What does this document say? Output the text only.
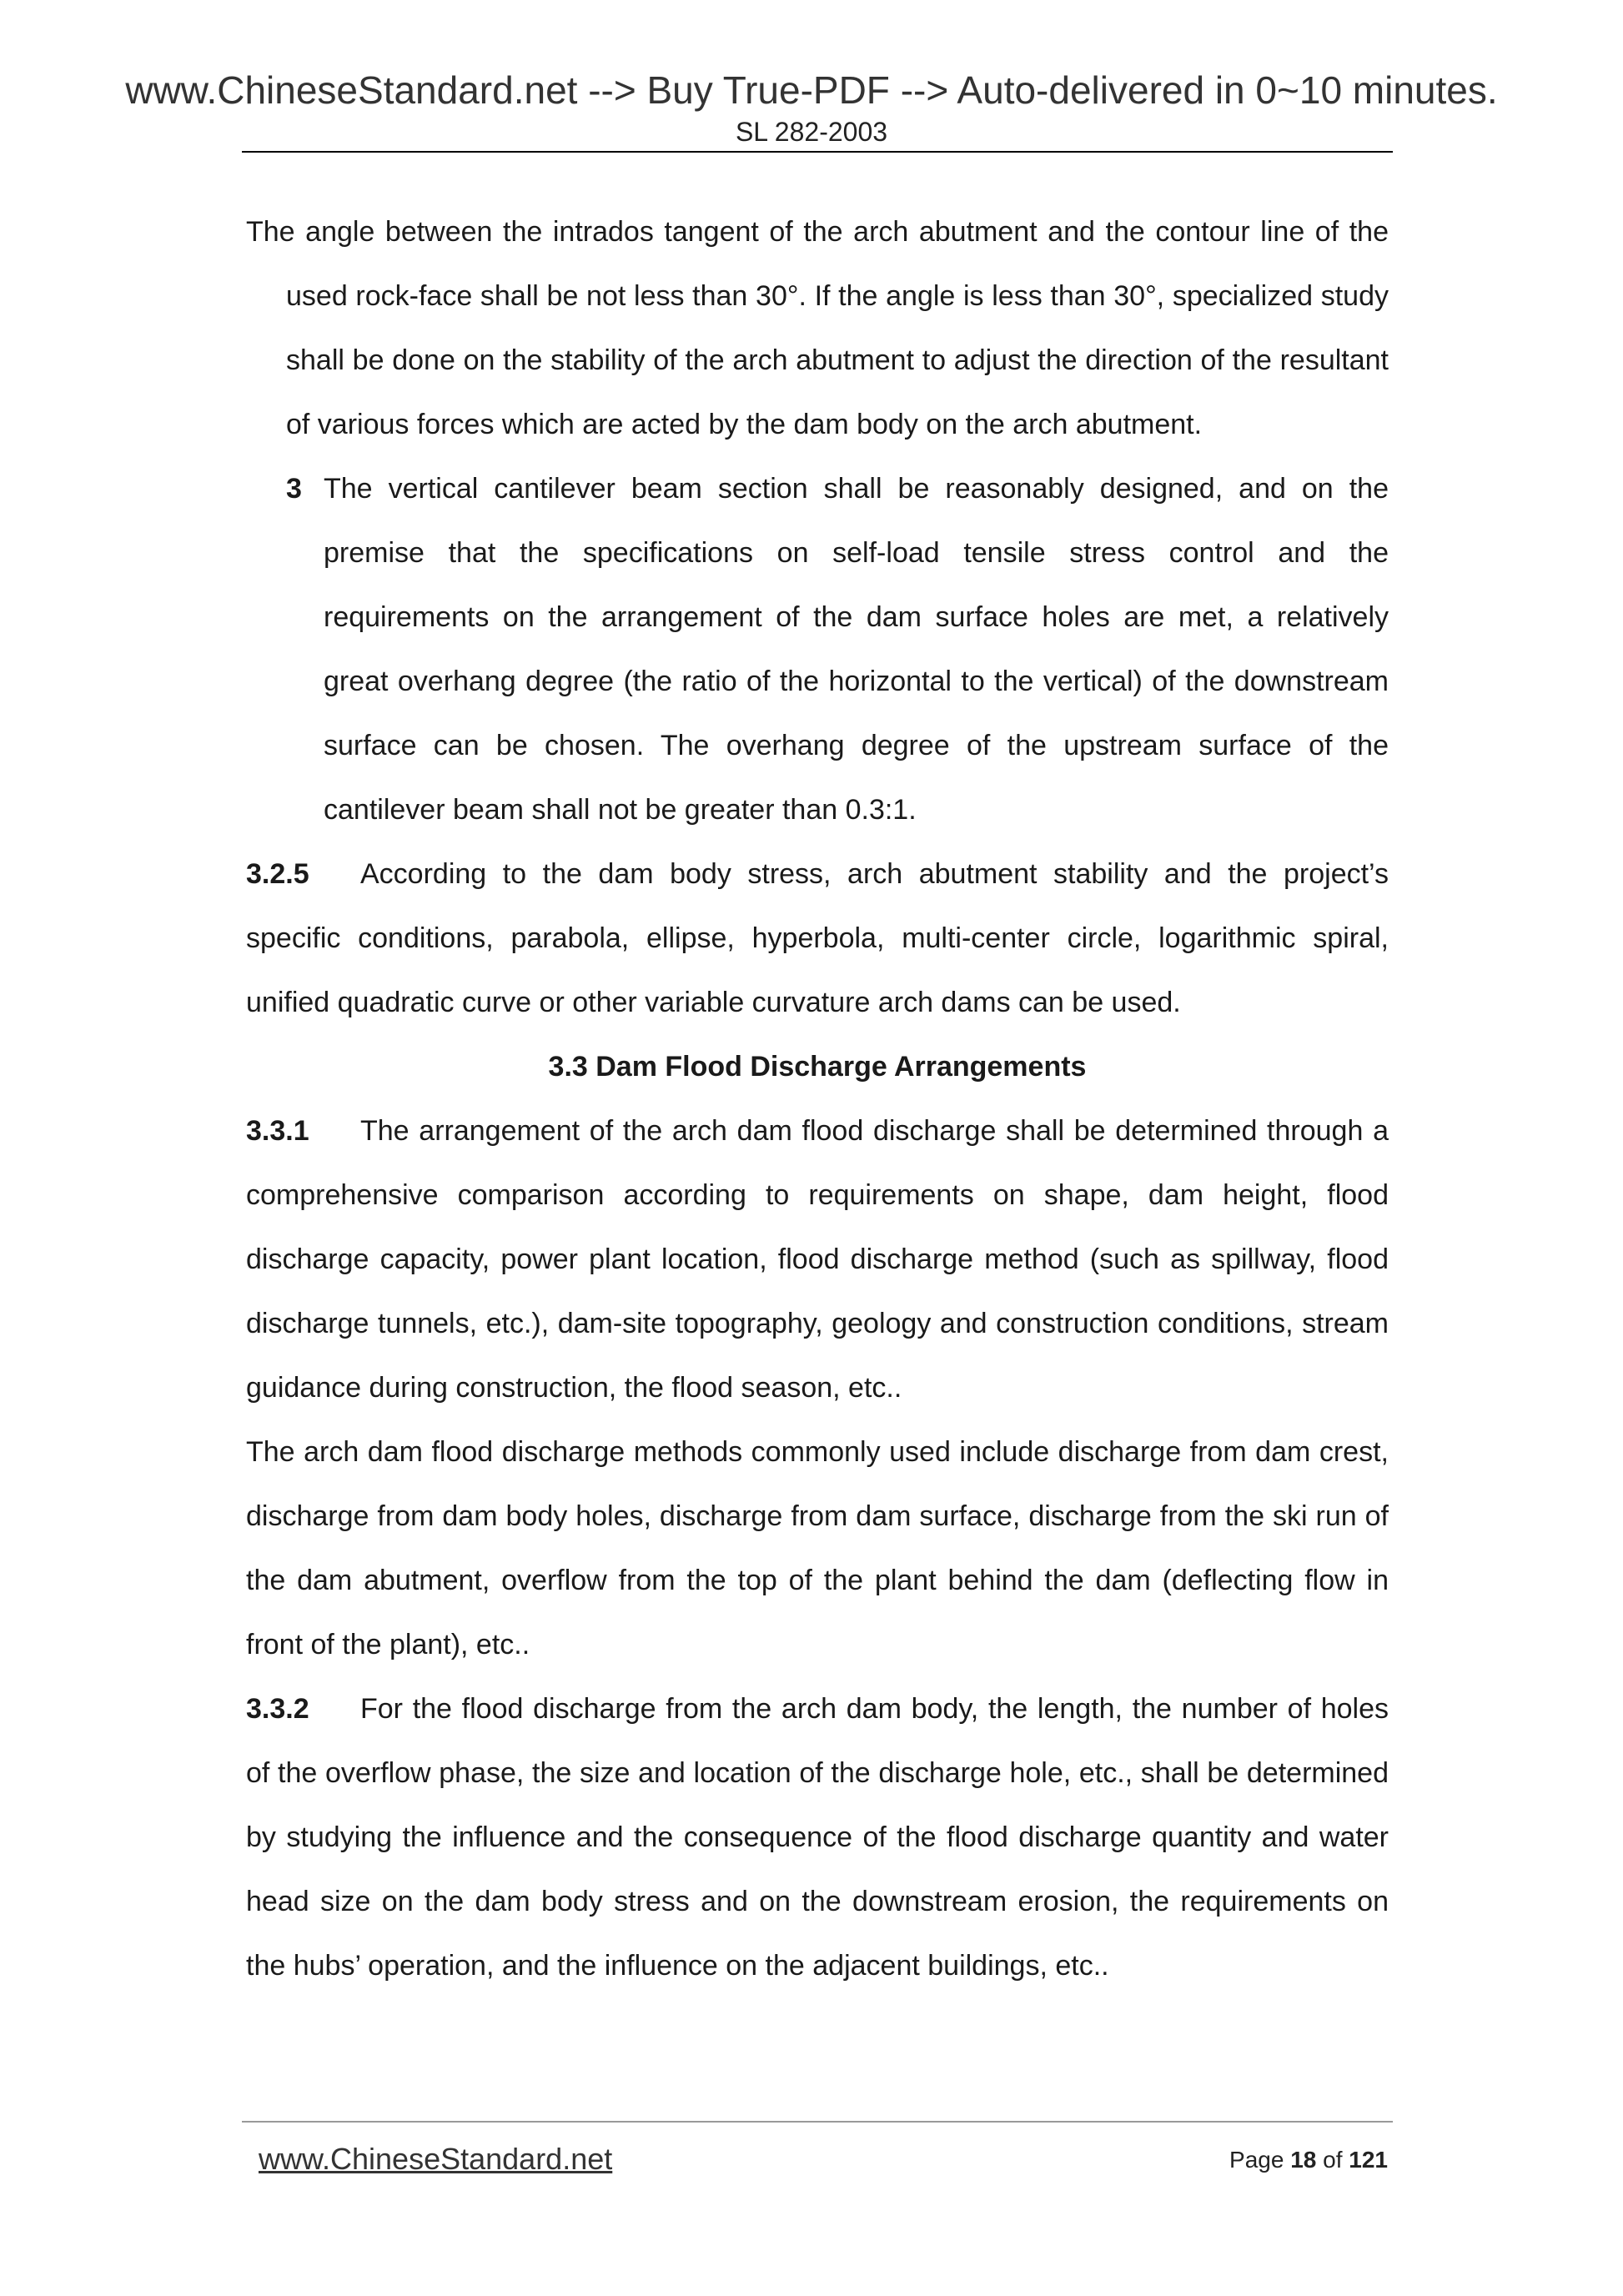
www.ChineseStandard.net --> Buy True-PDF --> Auto-delivered in 0~10 minutes.
SL 282-2003

The angle between the intrados tangent of the arch abutment and the contour line of the used rock-face shall be not less than 30°. If the angle is less than 30°, specialized study shall be done on the stability of the arch abutment to adjust the direction of the resultant of various forces which are acted by the dam body on the arch abutment.

3 The vertical cantilever beam section shall be reasonably designed, and on the premise that the specifications on self-load tensile stress control and the requirements on the arrangement of the dam surface holes are met, a relatively great overhang degree (the ratio of the horizontal to the vertical) of the downstream surface can be chosen. The overhang degree of the upstream surface of the cantilever beam shall not be greater than 0.3:1.

3.2.5 According to the dam body stress, arch abutment stability and the project’s specific conditions, parabola, ellipse, hyperbola, multi-center circle, logarithmic spiral, unified quadratic curve or other variable curvature arch dams can be used.

3.3 Dam Flood Discharge Arrangements

3.3.1 The arrangement of the arch dam flood discharge shall be determined through a comprehensive comparison according to requirements on shape, dam height, flood discharge capacity, power plant location, flood discharge method (such as spillway, flood discharge tunnels, etc.), dam-site topography, geology and construction conditions, stream guidance during construction, the flood season, etc..

The arch dam flood discharge methods commonly used include discharge from dam crest, discharge from dam body holes, discharge from dam surface, discharge from the ski run of the dam abutment, overflow from the top of the plant behind the dam (deflecting flow in front of the plant), etc..

3.3.2 For the flood discharge from the arch dam body, the length, the number of holes of the overflow phase, the size and location of the discharge hole, etc., shall be determined by studying the influence and the consequence of the flood discharge quantity and water head size on the dam body stress and on the downstream erosion, the requirements on the hubs’ operation, and the influence on the adjacent buildings, etc..

www.ChineseStandard.net	Page 18 of 121
